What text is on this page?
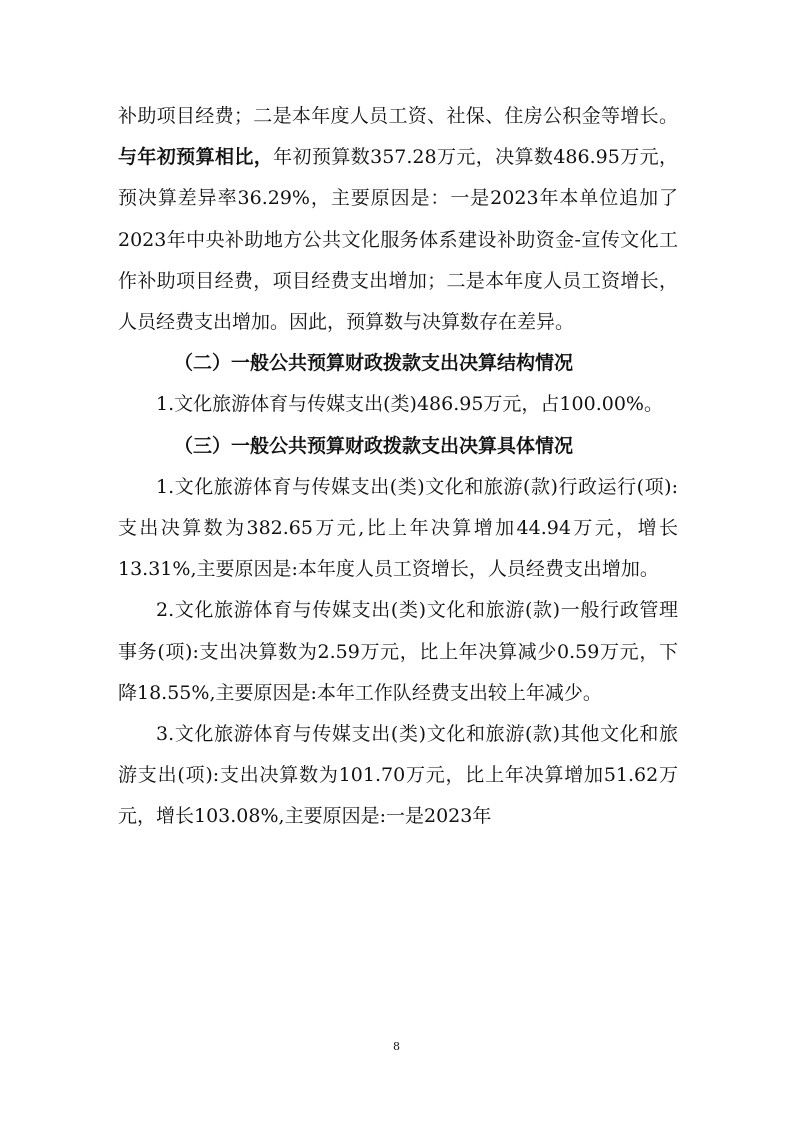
补助项目经费；二是本年度人员工资、社保、住房公积金等增长。与年初预算相比，年初预算数357.28万元，决算数486.95万元，预决算差异率36.29%，主要原因是：一是2023年本单位追加了2023年中央补助地方公共文化服务体系建设补助资金-宣传文化工作补助项目经费，项目经费支出增加；二是本年度人员工资增长，人员经费支出增加。因此，预算数与决算数存在差异。

（二）一般公共预算财政拨款支出决算结构情况

1.文化旅游体育与传媒支出(类)486.95万元，占100.00%。

（三）一般公共预算财政拨款支出决算具体情况

1.文化旅游体育与传媒支出(类)文化和旅游(款)行政运行(项):支出决算数为382.65万元,比上年决算增加44.94万元，增长13.31%,主要原因是:本年度人员工资增长，人员经费支出增加。

2.文化旅游体育与传媒支出(类)文化和旅游(款)一般行政管理事务(项):支出决算数为2.59万元，比上年决算减少0.59万元，下降18.55%,主要原因是:本年工作队经费支出较上年减少。

3.文化旅游体育与传媒支出(类)文化和旅游(款)其他文化和旅游支出(项):支出决算数为101.70万元，比上年决算增加51.62万元，增长103.08%,主要原因是:一是2023年

8
